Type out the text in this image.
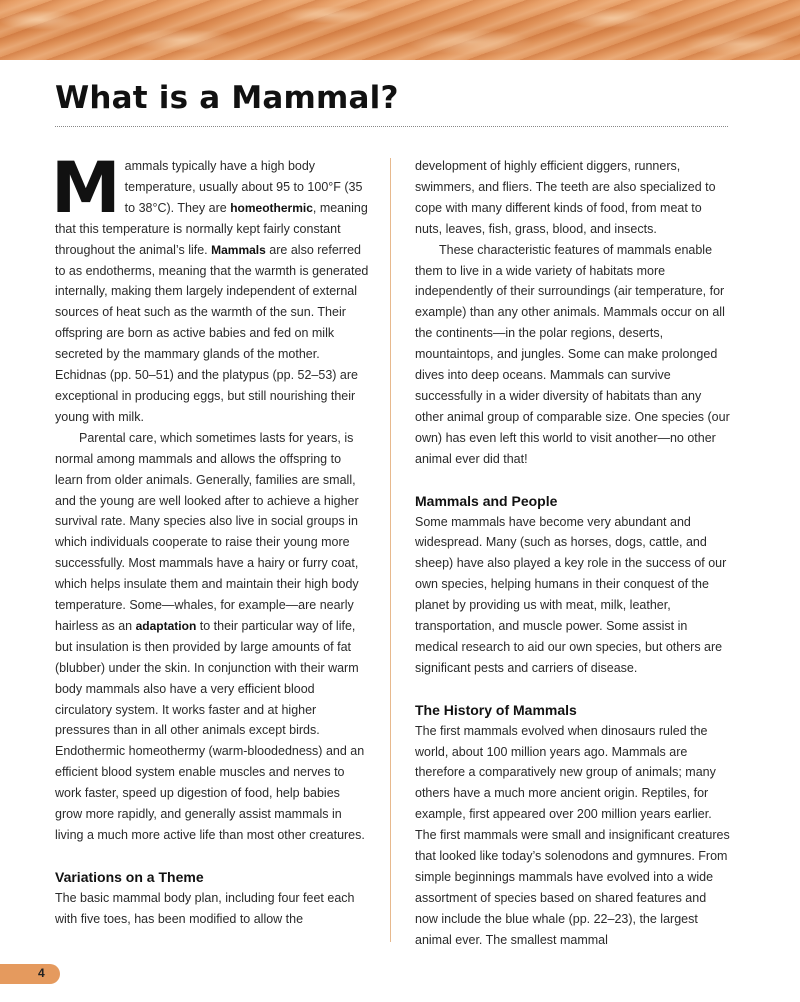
What is a Mammal?

Mammals typically have a high body temperature, usually about 95 to 100°F (35 to 38°C). They are homeothermic, meaning that this temperature is normally kept fairly constant throughout the animal’s life. Mammals are also referred to as endotherms, meaning that the warmth is generated internally, making them largely independent of external sources of heat such as the warmth of the sun. Their offspring are born as active babies and fed on milk secreted by the mammary glands of the mother. Echidnas (pp. 50–51) and the platypus (pp. 52–53) are exceptional in producing eggs, but still nourishing their young with milk.

Parental care, which sometimes lasts for years, is normal among mammals and allows the offspring to learn from older animals. Generally, families are small, and the young are well looked after to achieve a higher survival rate. Many species also live in social groups in which individuals cooperate to raise their young more successfully. Most mammals have a hairy or furry coat, which helps insulate them and maintain their high body temperature. Some—whales, for example—are nearly hairless as an adaptation to their particular way of life, but insulation is then provided by large amounts of fat (blubber) under the skin. In conjunction with their warm body mammals also have a very efficient blood circulatory system. It works faster and at higher pressures than in all other animals except birds. Endothermic homeothermy (warm-bloodedness) and an efficient blood system enable muscles and nerves to work faster, speed up digestion of food, help babies grow more rapidly, and generally assist mammals in living a much more active life than most other creatures.

Variations on a Theme

The basic mammal body plan, including four feet each with five toes, has been modified to allow the

development of highly efficient diggers, runners, swimmers, and fliers. The teeth are also specialized to cope with many different kinds of food, from meat to nuts, leaves, fish, grass, blood, and insects.

These characteristic features of mammals enable them to live in a wide variety of habitats more independently of their surroundings (air temperature, for example) than any other animals. Mammals occur on all the continents—in the polar regions, deserts, mountaintops, and jungles. Some can make prolonged dives into deep oceans. Mammals can survive successfully in a wider diversity of habitats than any other animal group of comparable size. One species (our own) has even left this world to visit another—no other animal ever did that!

Mammals and People

Some mammals have become very abundant and widespread. Many (such as horses, dogs, cattle, and sheep) have also played a key role in the success of our own species, helping humans in their conquest of the planet by providing us with meat, milk, leather, transportation, and muscle power. Some assist in medical research to aid our own species, but others are significant pests and carriers of disease.

The History of Mammals

The first mammals evolved when dinosaurs ruled the world, about 100 million years ago. Mammals are therefore a comparatively new group of animals; many others have a much more ancient origin. Reptiles, for example, first appeared over 200 million years earlier. The first mammals were small and insignificant creatures that looked like today’s solenodons and gymnures. From simple beginnings mammals have evolved into a wide assortment of species based on shared features and now include the blue whale (pp. 22–23), the largest animal ever. The smallest mammal

4
